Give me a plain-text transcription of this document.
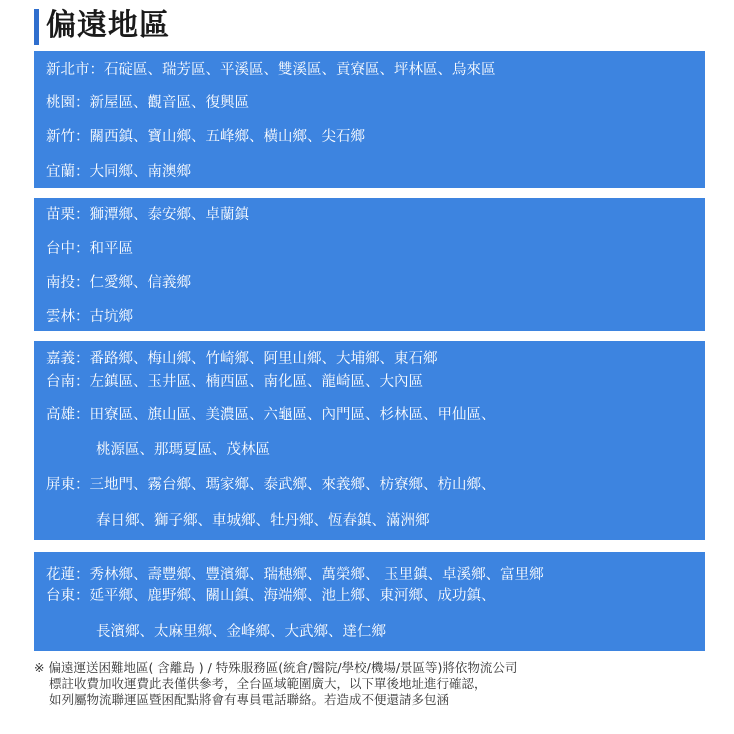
偏遠地區
新北市：石碇區、瑞芳區、平溪區、雙溪區、貢寮區、坪林區、烏來區
桃園：新屋區、觀音區、復興區
新竹：關西鎮、寶山鄉、五峰鄉、橫山鄉、尖石鄉
宜蘭：大同鄉、南澳鄉
苗栗：獅潭鄉、泰安鄉、卓蘭鎮
台中：和平區
南投：仁愛鄉、信義鄉
雲林：古坑鄉
嘉義：番路鄉、梅山鄉、竹崎鄉、阿里山鄉、大埔鄉、東石鄉
台南：左鎮區、玉井區、楠西區、南化區、龍崎區、大內區
高雄：田寮區、旗山區、美濃區、六龜區、內門區、杉林區、甲仙區、
桃源區、那瑪夏區、茂林區
屏東：三地門、霧台鄉、瑪家鄉、泰武鄉、來義鄉、枋寮鄉、枋山鄉、
春日鄉、獅子鄉、車城鄉、牡丹鄉、恆春鎮、滿洲鄉
花蓮：秀林鄉、壽豐鄉、豐濱鄉、瑞穗鄉、萬榮鄉、 玉里鎮、卓溪鄉、富里鄉
台東：延平鄉、鹿野鄉、關山鎮、海端鄉、池上鄉、東河鄉、成功鎮、
長濱鄉、太麻里鄉、金峰鄉、大武鄉、達仁鄉
※ 偏遠運送困難地區( 含離島 ) / 特殊服務區(統倉/醫院/學校/機場/景區等)將依物流公司
標註收費加收運費此表僅供參考，全台區域範圍廣大，以下單後地址進行確認，
如列屬物流聯運區暨困配點將會有專員電話聯絡。若造成不便還請多包涵
